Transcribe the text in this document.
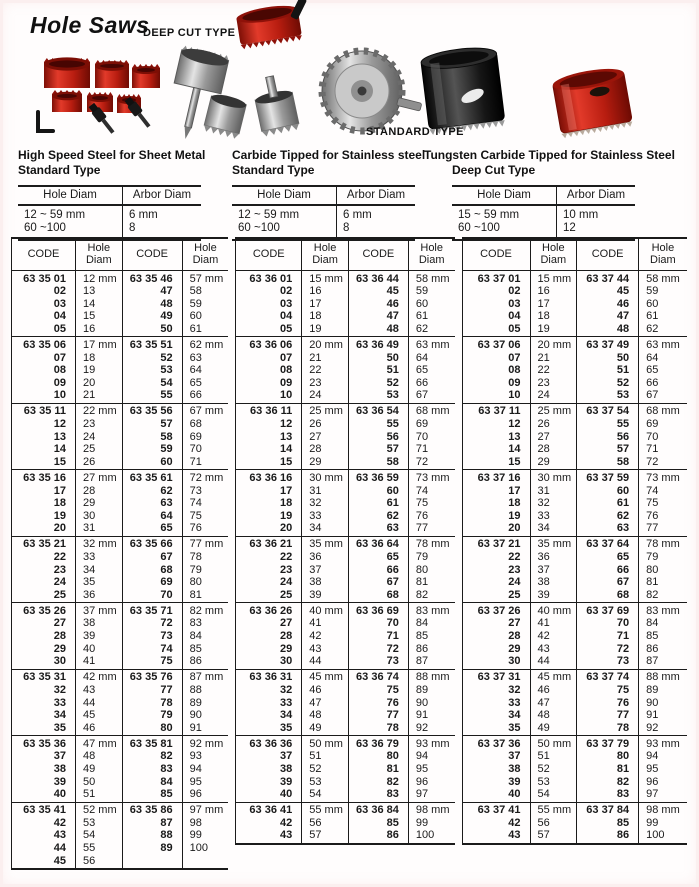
Hole Saws
DEEP CUT TYPE
STANDARD TYPE
High Speed Steel for Sheet Metal
Standard Type
Hole Diam	Arbor Diam
12 ~ 59 mm	6 mm
60 ~100	8
Carbide Tipped for Stainless steel
Standard Type
Hole Diam	Arbor Diam
12 ~ 59 mm	6 mm
60 ~100	8
Tungsten Carbide Tipped for Stainless Steel
Deep Cut Type
Hole Diam	Arbor Diam
15 ~ 59 mm	10 mm
60 ~100	12
CODE	Hole Diam	CODE	Hole Diam
63 35 01	12 mm	63 35 46	57 mm
02	13	47	58
03	14	48	59
04	15	49	60
05	16	50	61
63 35 06	17 mm	63 35 51	62 mm
07	18	52	63
08	19	53	64
09	20	54	65
10	21	55	66
63 35 11	22 mm	63 35 56	67 mm
12	23	57	68
13	24	58	69
14	25	59	70
15	26	60	71
63 35 16	27 mm	63 35 61	72 mm
17	28	62	73
18	29	63	74
19	30	64	75
20	31	65	76
63 35 21	32 mm	63 35 66	77 mm
22	33	67	78
23	34	68	79
24	35	69	80
25	36	70	81
63 35 26	37 mm	63 35 71	82 mm
27	38	72	83
28	39	73	84
29	40	74	85
30	41	75	86
63 35 31	42 mm	63 35 76	87 mm
32	43	77	88
33	44	78	89
34	45	79	90
35	46	80	91
63 35 36	47 mm	63 35 81	92 mm
37	48	82	93
38	49	83	94
39	50	84	95
40	51	85	96
63 35 41	52 mm	63 35 86	97 mm
42	53	87	98
43	54	88	99
44	55	89	100
45	56		
CODE	Hole Diam	CODE	Hole Diam
63 36 01	15 mm	63 36 44	58 mm
02	16	45	59
03	17	46	60
04	18	47	61
05	19	48	62
63 36 06	20 mm	63 36 49	63 mm
07	21	50	64
08	22	51	65
09	23	52	66
10	24	53	67
63 36 11	25 mm	63 36 54	68 mm
12	26	55	69
13	27	56	70
14	28	57	71
15	29	58	72
63 36 16	30 mm	63 36 59	73 mm
17	31	60	74
18	32	61	75
19	33	62	76
20	34	63	77
63 36 21	35 mm	63 36 64	78 mm
22	36	65	79
23	37	66	80
24	38	67	81
25	39	68	82
63 36 26	40 mm	63 36 69	83 mm
27	41	70	84
28	42	71	85
29	43	72	86
30	44	73	87
63 36 31	45 mm	63 36 74	88 mm
32	46	75	89
33	47	76	90
34	48	77	91
35	49	78	92
63 36 36	50 mm	63 36 79	93 mm
37	51	80	94
38	52	81	95
39	53	82	96
40	54	83	97
63 36 41	55 mm	63 36 84	98 mm
42	56	85	99
43	57	86	100
CODE	Hole Diam	CODE	Hole Diam
63 37 01	15 mm	63 37 44	58 mm
02	16	45	59
03	17	46	60
04	18	47	61
05	19	48	62
63 37 06	20 mm	63 37 49	63 mm
07	21	50	64
08	22	51	65
09	23	52	66
10	24	53	67
63 37 11	25 mm	63 37 54	68 mm
12	26	55	69
13	27	56	70
14	28	57	71
15	29	58	72
63 37 16	30 mm	63 37 59	73 mm
17	31	60	74
18	32	61	75
19	33	62	76
20	34	63	77
63 37 21	35 mm	63 37 64	78 mm
22	36	65	79
23	37	66	80
24	38	67	81
25	39	68	82
63 37 26	40 mm	63 37 69	83 mm
27	41	70	84
28	42	71	85
29	43	72	86
30	44	73	87
63 37 31	45 mm	63 37 74	88 mm
32	46	75	89
33	47	76	90
34	48	77	91
35	49	78	92
63 37 36	50 mm	63 37 79	93 mm
37	51	80	94
38	52	81	95
39	53	82	96
40	54	83	97
63 37 41	55 mm	63 37 84	98 mm
42	56	85	99
43	57	86	100
